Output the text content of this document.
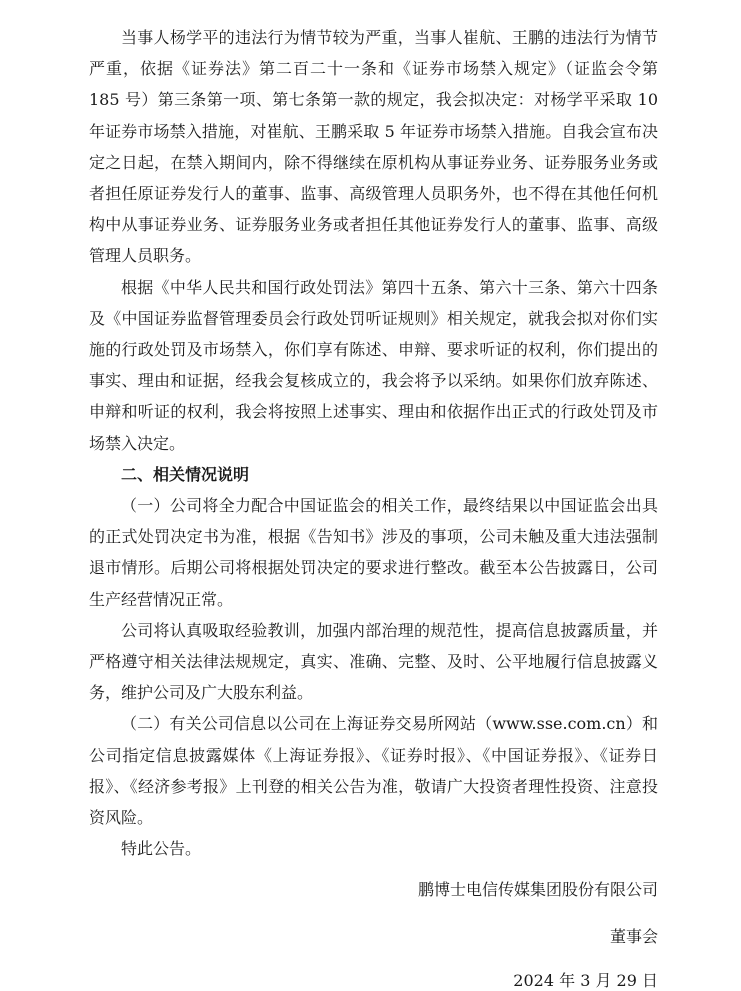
当事人杨学平的违法行为情节较为严重，当事人崔航、王鹏的违法行为情节严重，依据《证券法》第二百二十一条和《证券市场禁入规定》（证监会令第 185 号）第三条第一项、第七条第一款的规定，我会拟决定：对杨学平采取 10 年证券市场禁入措施，对崔航、王鹏采取 5 年证券市场禁入措施。自我会宣布决定之日起，在禁入期间内，除不得继续在原机构从事证券业务、证券服务业务或者担任原证券发行人的董事、监事、高级管理人员职务外，也不得在其他任何机构中从事证券业务、证券服务业务或者担任其他证券发行人的董事、监事、高级管理人员职务。

根据《中华人民共和国行政处罚法》第四十五条、第六十三条、第六十四条及《中国证券监督管理委员会行政处罚听证规则》相关规定，就我会拟对你们实施的行政处罚及市场禁入，你们享有陈述、申辩、要求听证的权利，你们提出的事实、理由和证据，经我会复核成立的，我会将予以采纳。如果你们放弃陈述、申辩和听证的权利，我会将按照上述事实、理由和依据作出正式的行政处罚及市场禁入决定。

二、相关情况说明

（一）公司将全力配合中国证监会的相关工作，最终结果以中国证监会出具的正式处罚决定书为准，根据《告知书》涉及的事项，公司未触及重大违法强制退市情形。后期公司将根据处罚决定的要求进行整改。截至本公告披露日，公司生产经营情况正常。

公司将认真吸取经验教训，加强内部治理的规范性，提高信息披露质量，并严格遵守相关法律法规规定，真实、准确、完整、及时、公平地履行信息披露义务，维护公司及广大股东利益。

（二）有关公司信息以公司在上海证券交易所网站（www.sse.com.cn）和公司指定信息披露媒体《上海证券报》、《证券时报》、《中国证券报》、《证券日报》、《经济参考报》上刊登的相关公告为准，敬请广大投资者理性投资、注意投资风险。

特此公告。

鹏博士电信传媒集团股份有限公司

董事会

2024 年 3 月 29 日
